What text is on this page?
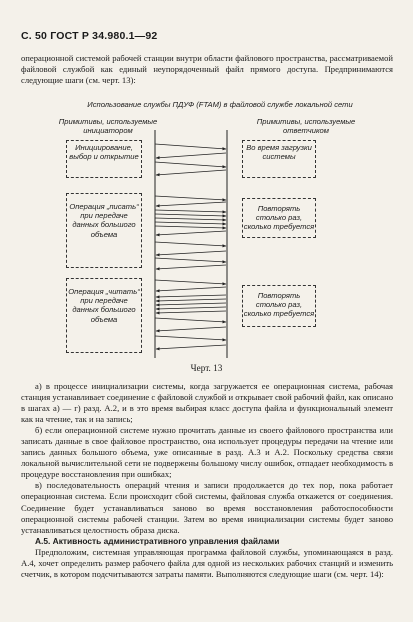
С. 50 ГОСТ Р 34.980.1—92

операционной системой рабочей станции внутри области файлового пространства, рассматриваемой файловой службой как единый неупорядоченный файл прямого доступа. Предпринимаются следующие шаги (см. черт. 13):

Использование службы ПДУФ (FTAM) в файловой службе локальной сети
Примитивы, используемые инициатором
Примитивы, используемые ответчиком
Инициирование, выбор и открытие
Операция „писать“ при передаче данных большого объема
Операция „читать“ при передаче данных большого объема
Во время загрузки системы
Повторять столько раз, сколько требуется
Повторять столько раз, сколько требуется
Черт. 13

а) в процессе инициализации системы, когда загружается ее операционная система, рабочая станция устанавливает соединение с файловой службой и открывает свой рабочий файл, как описано в шагах а) — г) разд. А.2, и в это время выбирая класс доступа файла и функциональный элемент как на чтение, так и на запись;

б) если операционной системе нужно прочитать данные из своего файлового пространства или записать данные в свое файловое пространство, она использует процедуры передачи на чтение или запись данных большого объема, уже описанные в разд. А.3 и А.2. Поскольку средства связи локальной вычислительной сети не подвержены большому числу ошибок, отпадает необходимость в процедуре восстановления при ошибках;

в) последовательность операций чтения и записи продолжается до тех пор, пока работает операционная система. Если происходит сбой системы, файловая служба откажется от соединения. Соединение будет устанавливаться заново во время восстановления работоспособности операционной системы рабочей станции. Затем во время инициализации системы будет заново устанавливаться целостность образа диска.

А.5. Активность административного управления файлами

Предположим, системная управляющая программа файловой службы, упоминающаяся в разд. А.4, хочет определить размер рабочего файла для одной из нескольких рабочих станций и изменить счетчик, в котором подсчитываются затраты памяти. Выполняются следующие шаги (см. черт. 14):
